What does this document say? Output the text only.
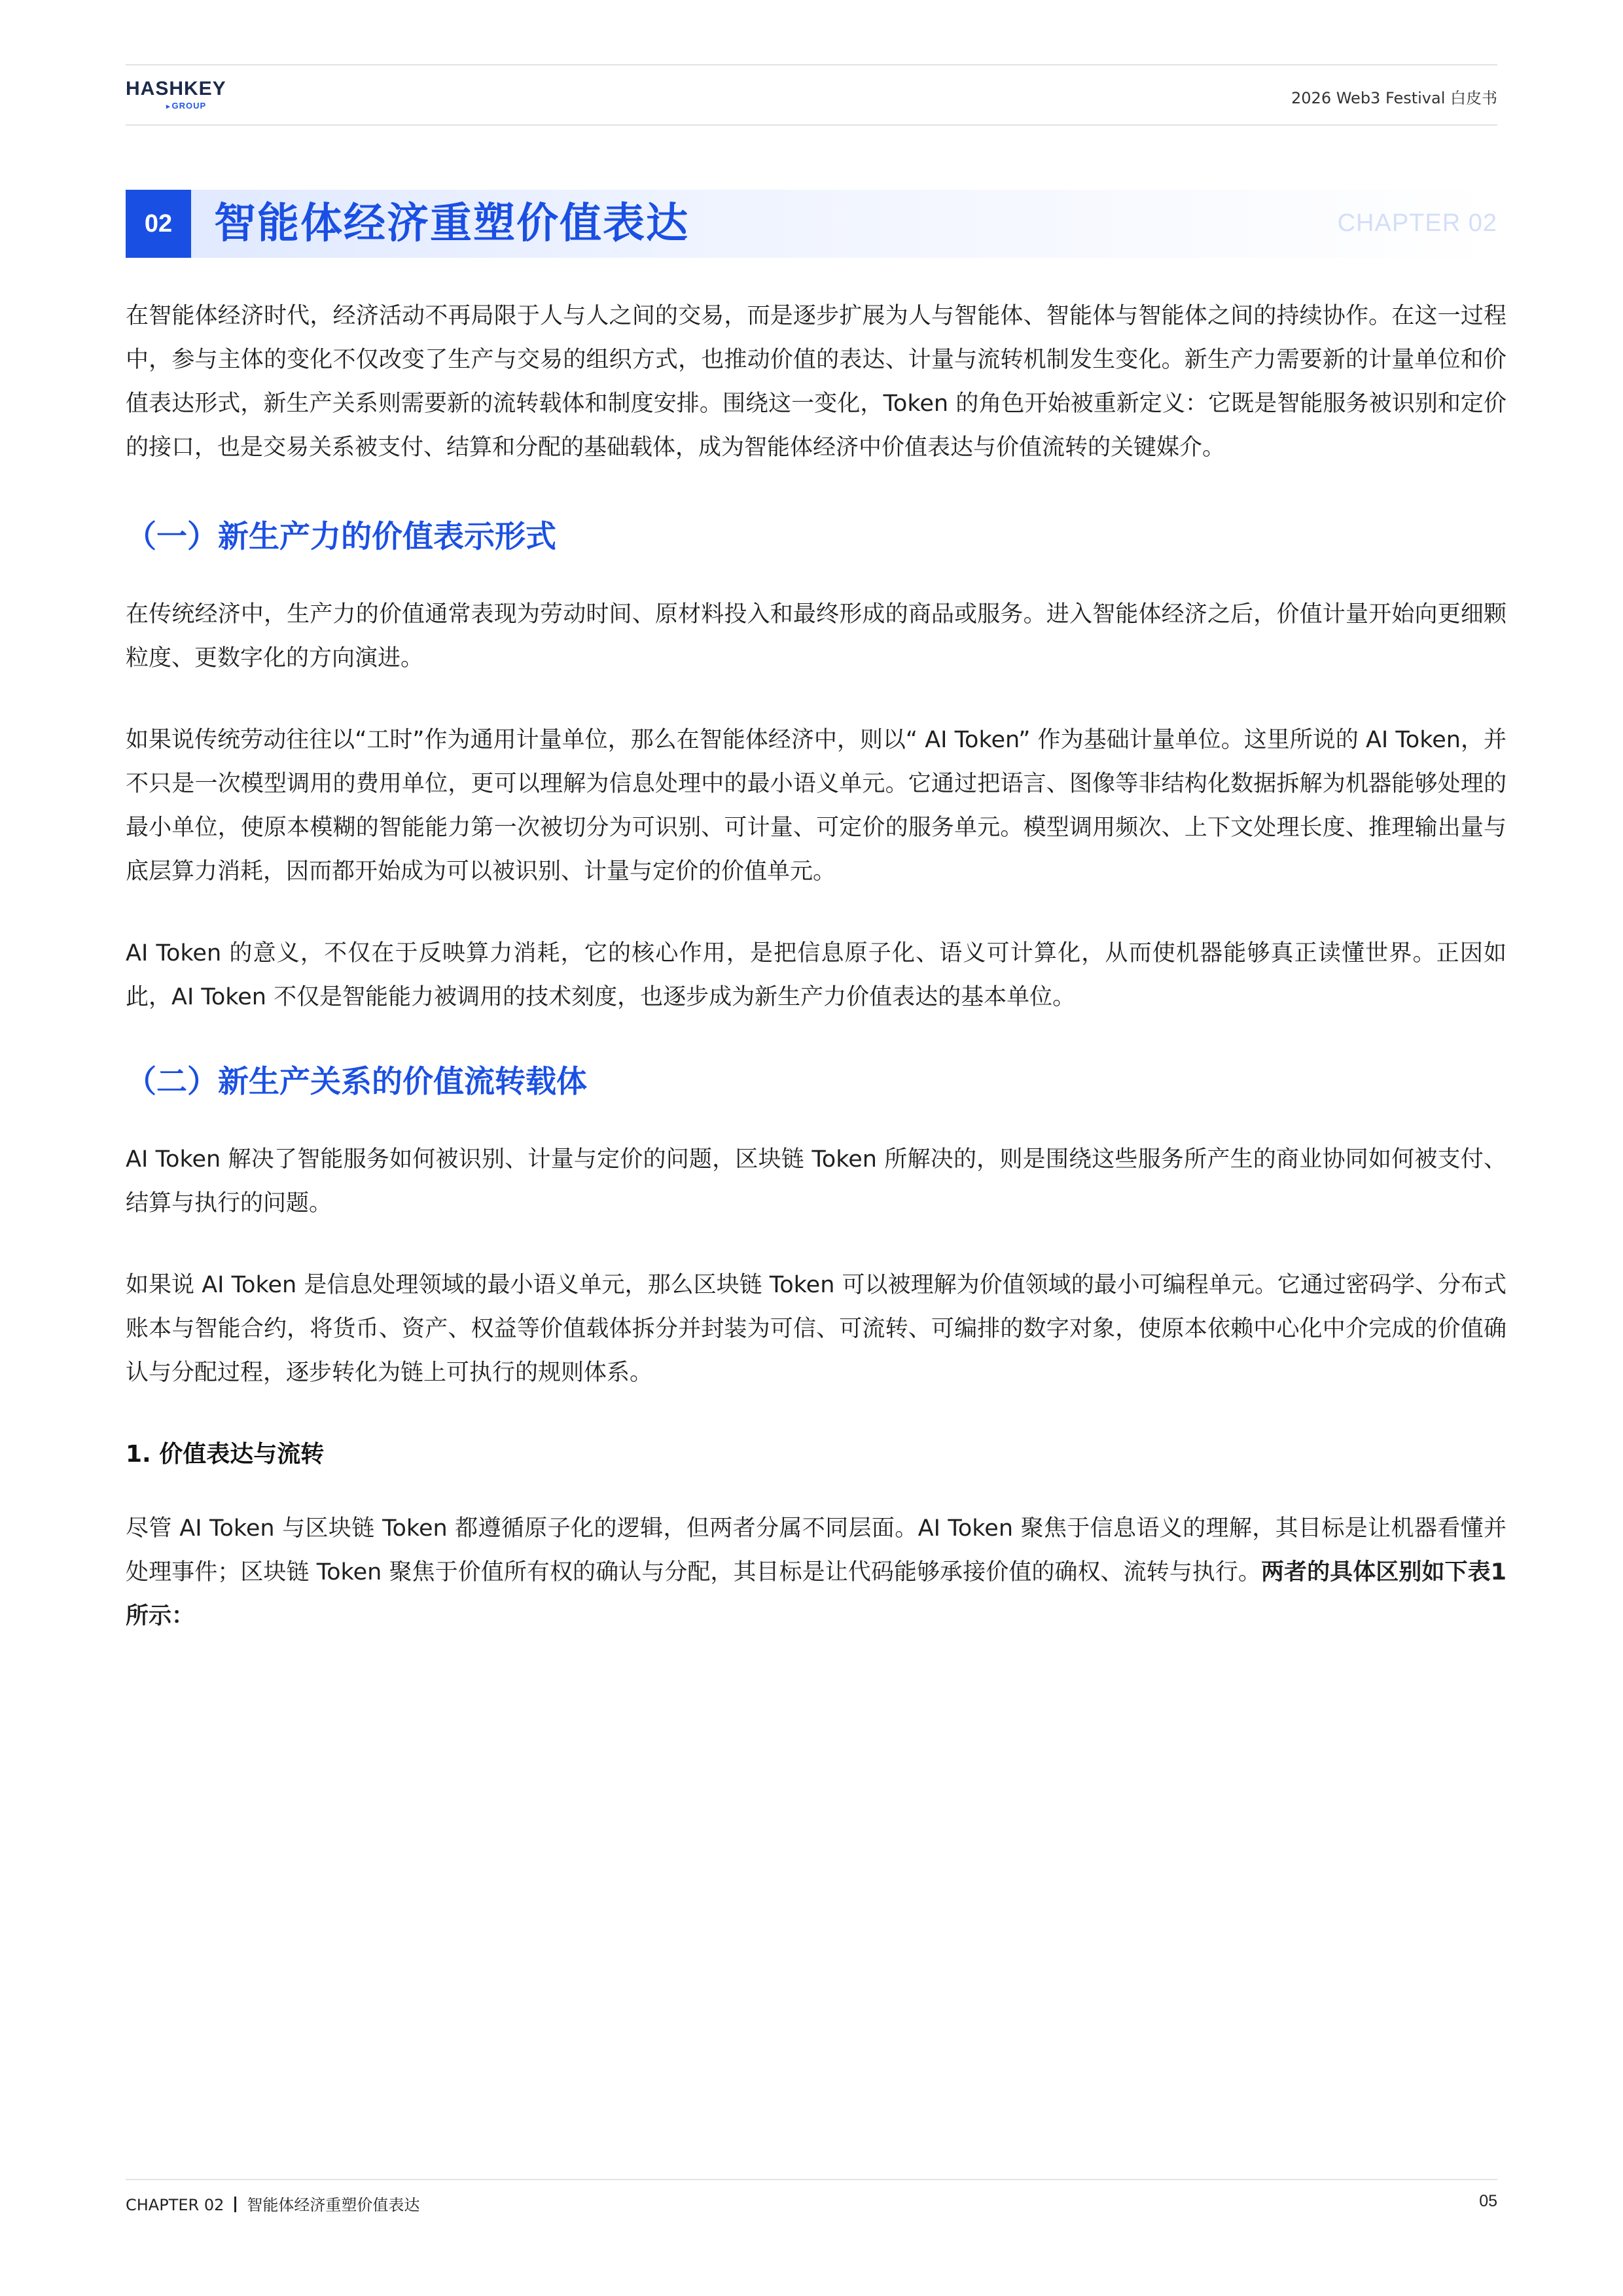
HASHKEY
▸ GROUP	2026 Web3 Festival 白皮书
02 智能体经济重塑价值表达	CHAPTER 02

在智能体经济时代，经济活动不再局限于人与人之间的交易，而是逐步扩展为人与智能体、智能体与智能体之间的持续协作。在这一过程中，参与主体的变化不仅改变了生产与交易的组织方式，也推动价值的表达、计量与流转机制发生变化。新生产力需要新的计量单位和价值表达形式，新生产关系则需要新的流转载体和制度安排。围绕这一变化，Token 的角色开始被重新定义：它既是智能服务被识别和定价的接口，也是交易关系被支付、结算和分配的基础载体，成为智能体经济中价值表达与价值流转的关键媒介。

（一）新生产力的价值表示形式

在传统经济中，生产力的价值通常表现为劳动时间、原材料投入和最终形成的商品或服务。进入智能体经济之后，价值计量开始向更细颗粒度、更数字化的方向演进。

如果说传统劳动往往以“工时”作为通用计量单位，那么在智能体经济中，则以“ AI Token” 作为基础计量单位。这里所说的 AI Token，并不只是一次模型调用的费用单位，更可以理解为信息处理中的最小语义单元。它通过把语言、图像等非结构化数据拆解为机器能够处理的最小单位，使原本模糊的智能能力第一次被切分为可识别、可计量、可定价的服务单元。模型调用频次、上下文处理长度、推理输出量与底层算力消耗，因而都开始成为可以被识别、计量与定价的价值单元。

AI Token 的意义，不仅在于反映算力消耗，它的核心作用，是把信息原子化、语义可计算化，从而使机器能够真正读懂世界。正因如此，AI Token 不仅是智能能力被调用的技术刻度，也逐步成为新生产力价值表达的基本单位。

（二）新生产关系的价值流转载体

AI Token 解决了智能服务如何被识别、计量与定价的问题，区块链 Token 所解决的，则是围绕这些服务所产生的商业协同如何被支付、结算与执行的问题。

如果说 AI Token 是信息处理领域的最小语义单元，那么区块链 Token 可以被理解为价值领域的最小可编程单元。它通过密码学、分布式账本与智能合约，将货币、资产、权益等价值载体拆分并封装为可信、可流转、可编排的数字对象，使原本依赖中心化中介完成的价值确认与分配过程，逐步转化为链上可执行的规则体系。

1. 价值表达与流转

尽管 AI Token 与区块链 Token 都遵循原子化的逻辑，但两者分属不同层面。AI Token 聚焦于信息语义的理解，其目标是让机器看懂并处理事件；区块链 Token 聚焦于价值所有权的确认与分配，其目标是让代码能够承接价值的确权、流转与执行。两者的具体区别如下表1所示：

CHAPTER 02 智能体经济重塑价值表达	05
